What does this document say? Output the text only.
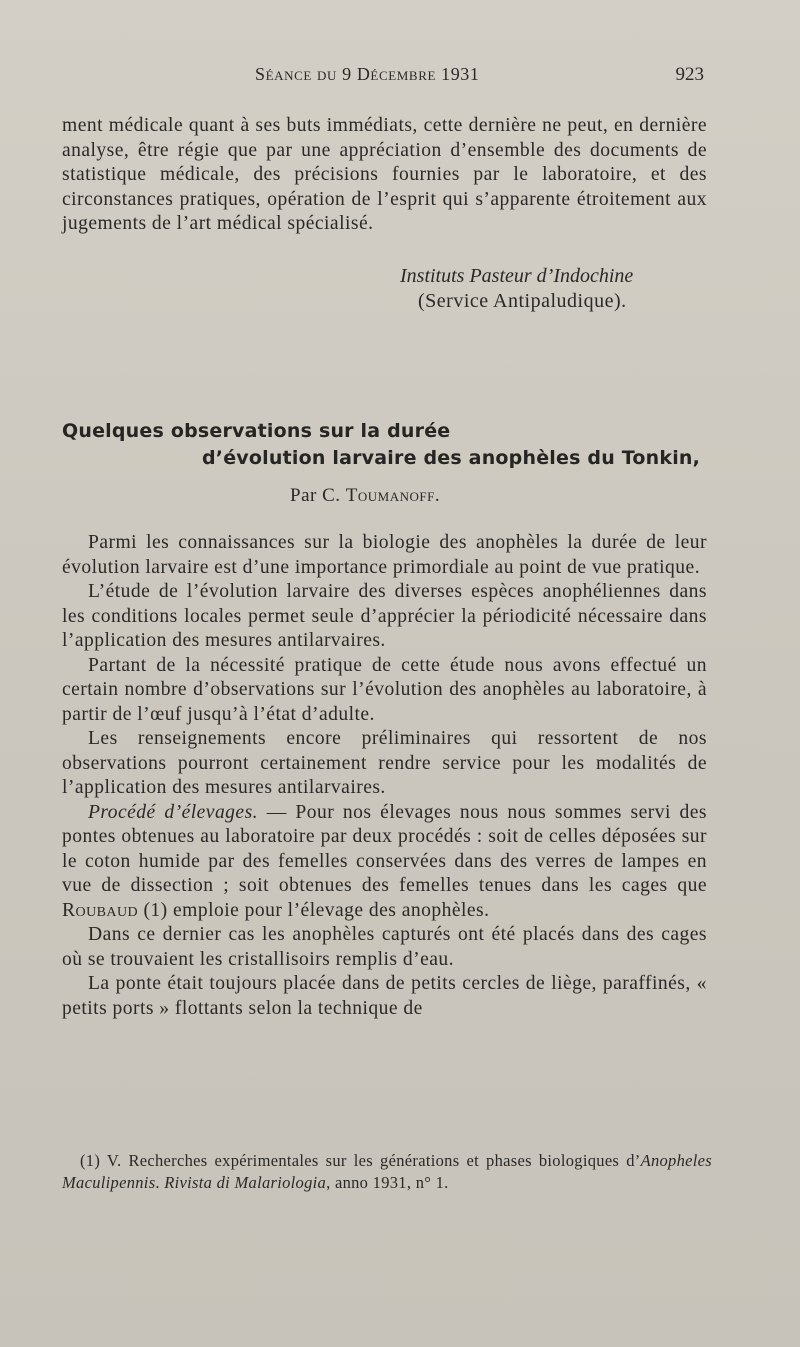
Séance du 9 Décembre 1931	923

ment médicale quant à ses buts immédiats, cette dernière ne peut, en dernière analyse, être régie que par une appréciation d’ensemble des documents de statistique médicale, des précisions fournies par le laboratoire, et des circonstances pratiques, opération de l’esprit qui s’apparente étroitement aux jugements de l’art médical spécialisé.

Instituts Pasteur d’Indochine
(Service Antipaludique).
Quelques observations sur la durée
d’évolution larvaire des anophèles du Tonkin,
Par C. Toumanoff.

Parmi les connaissances sur la biologie des anophèles la durée de leur évolution larvaire est d’une importance primordiale au point de vue pratique.

L’étude de l’évolution larvaire des diverses espèces anophéliennes dans les conditions locales permet seule d’apprécier la périodicité nécessaire dans l’application des mesures antilarvaires.

Partant de la nécessité pratique de cette étude nous avons effectué un certain nombre d’observations sur l’évolution des anophèles au laboratoire, à partir de l’œuf jusqu’à l’état d’adulte.

Les renseignements encore préliminaires qui ressortent de nos observations pourront certainement rendre service pour les modalités de l’application des mesures antilarvaires.

Procédé d’élevages. — Pour nos élevages nous nous sommes servi des pontes obtenues au laboratoire par deux procédés : soit de celles déposées sur le coton humide par des femelles conservées dans des verres de lampes en vue de dissection ; soit obtenues des femelles tenues dans les cages que Roubaud (1) emploie pour l’élevage des anophèles.

Dans ce dernier cas les anophèles capturés ont été placés dans des cages où se trouvaient les cristallisoirs remplis d’eau.

La ponte était toujours placée dans de petits cercles de liège, paraffinés, « petits ports » flottants selon la technique de

(1) V. Recherches expérimentales sur les générations et phases biologiques d’Anopheles Maculipennis. Rivista di Malariologia, anno 1931, n° 1.
